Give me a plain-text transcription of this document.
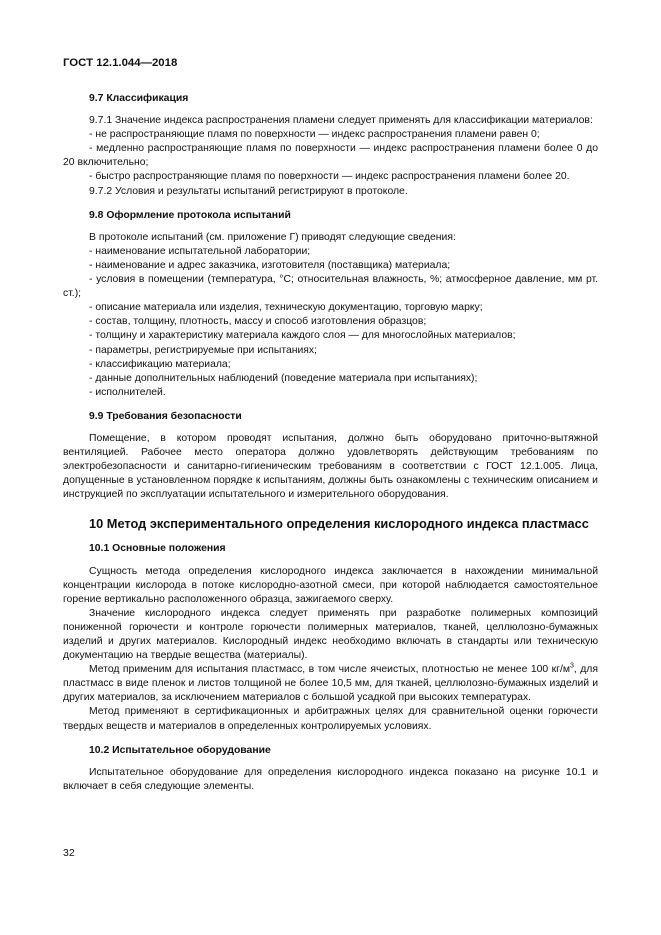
ГОСТ 12.1.044—2018

9.7 Классификация

9.7.1 Значение индекса распространения пламени следует применять для классификации материалов:

- не распространяющие пламя по поверхности — индекс распространения пламени равен 0;

- медленно распространяющие пламя по поверхности — индекс распространения пламени более 0 до 20 включительно;

- быстро распространяющие пламя по поверхности — индекс распространения пламени более 20.

9.7.2 Условия и результаты испытаний регистрируют в протоколе.

9.8 Оформление протокола испытаний

В протоколе испытаний (см. приложение Г) приводят следующие сведения:

- наименование испытательной лаборатории;

- наименование и адрес заказчика, изготовителя (поставщика) материала;

- условия в помещении (температура, °С; относительная влажность, %; атмосферное давление, мм рт. ст.);

- описание материала или изделия, техническую документацию, торговую марку;

- состав, толщину, плотность, массу и способ изготовления образцов;

- толщину и характеристику материала каждого слоя — для многослойных материалов;

- параметры, регистрируемые при испытаниях;

- классификацию материала;

- данные дополнительных наблюдений (поведение материала при испытаниях);

- исполнителей.

9.9 Требования безопасности

Помещение, в котором проводят испытания, должно быть оборудовано приточно-вытяжной вентиляцией. Рабочее место оператора должно удовлетворять действующим требованиям по электробезопасности и санитарно-гигиеническим требованиям в соответствии с ГОСТ 12.1.005. Лица, допущенные в установленном порядке к испытаниям, должны быть ознакомлены с техническим описанием и инструкцией по эксплуатации испытательного и измерительного оборудования.

10 Метод экспериментального определения кислородного индекса пластмасс

10.1 Основные положения

Сущность метода определения кислородного индекса заключается в нахождении минимальной концентрации кислорода в потоке кислородно-азотной смеси, при которой наблюдается самостоятельное горение вертикально расположенного образца, зажигаемого сверху.

Значение кислородного индекса следует применять при разработке полимерных композиций пониженной горючести и контроле горючести полимерных материалов, тканей, целлюлозно-бумажных изделий и других материалов. Кислородный индекс необходимо включать в стандарты или техническую документацию на твердые вещества (материалы).

Метод применим для испытания пластмасс, в том числе ячеистых, плотностью не менее 100 $кг/м^3$, для пластмасс в виде пленок и листов толщиной не более 10,5 мм, для тканей, целлюлозно-бумажных изделий и других материалов, за исключением материалов с большой усадкой при высоких температурах.

Метод применяют в сертификационных и арбитражных целях для сравнительной оценки горючести твердых веществ и материалов в определенных контролируемых условиях.

10.2 Испытательное оборудование

Испытательное оборудование для определения кислородного индекса показано на рисунке 10.1 и включает в себя следующие элементы.

32
